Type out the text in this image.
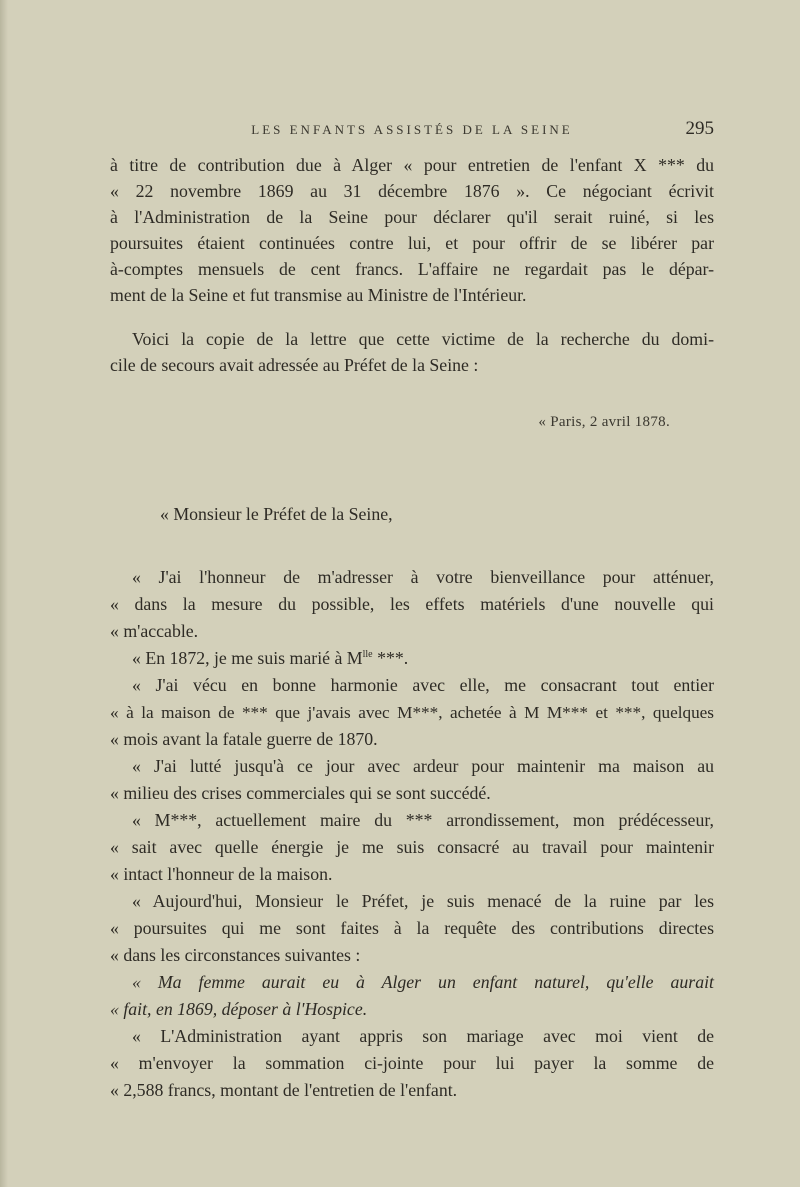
LES ENFANTS ASSISTÉS DE LA SEINE	295
à titre de contribution due à Alger « pour entretien de l'enfant X *** du
« 22 novembre 1869 au 31 décembre 1876 ». Ce négociant écrivit
à l'Administration de la Seine pour déclarer qu'il serait ruiné, si les
poursuites étaient continuées contre lui, et pour offrir de se libérer par
à-comptes mensuels de cent francs. L'affaire ne regardait pas le dépar-
ment de la Seine et fut transmise au Ministre de l'Intérieur.
Voici la copie de la lettre que cette victime de la recherche du domi-
cile de secours avait adressée au Préfet de la Seine :
« Paris, 2 avril 1878.
« Monsieur le Préfet de la Seine,
« J'ai l'honneur de m'adresser à votre bienveillance pour atténuer,
« dans la mesure du possible, les effets matériels d'une nouvelle qui
« m'accable.
« En 1872, je me suis marié à $M^{lle}$ ***.
« J'ai vécu en bonne harmonie avec elle, me consacrant tout entier
« à la maison de *** que j'avais avec M***, achetée à M M*** et ***, quelques
« mois avant la fatale guerre de 1870.
« J'ai lutté jusqu'à ce jour avec ardeur pour maintenir ma maison au
« milieu des crises commerciales qui se sont succédé.
« M***, actuellement maire du *** arrondissement, mon prédécesseur,
« sait avec quelle énergie je me suis consacré au travail pour maintenir
« intact l'honneur de la maison.
« Aujourd'hui, Monsieur le Préfet, je suis menacé de la ruine par les
« poursuites qui me sont faites à la requête des contributions directes
« dans les circonstances suivantes :
« Ma femme aurait eu à Alger un enfant naturel, qu'elle aurait
« fait, en 1869, déposer à l'Hospice.
« L'Administration ayant appris son mariage avec moi vient de
« m'envoyer la sommation ci-jointe pour lui payer la somme de
« 2,588 francs, montant de l'entretien de l'enfant.
